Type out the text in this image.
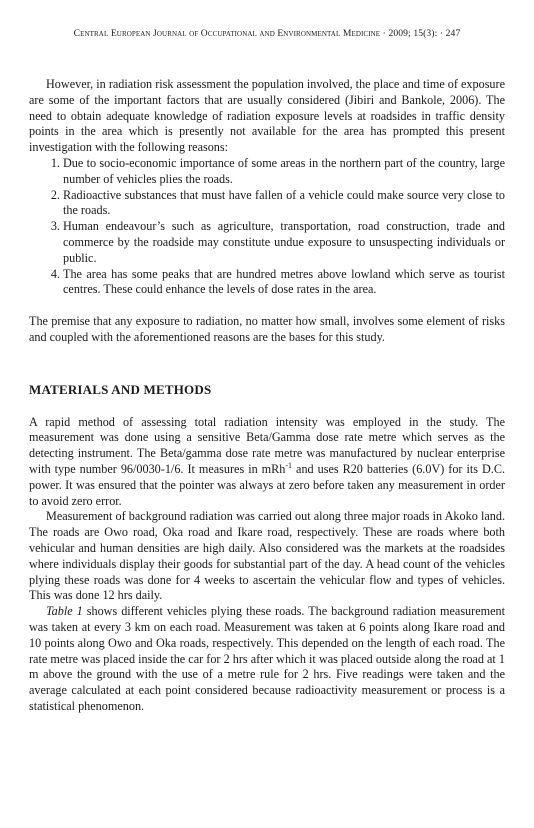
Central European Journal of Occupational and Environmental Medicine · 2009; 15(3): · 247

However, in radiation risk assessment the population involved, the place and time of exposure are some of the important factors that are usually considered (Jibiri and Bankole, 2006). The need to obtain adequate knowledge of radiation exposure levels at roadsides in traffic density points in the area which is presently not available for the area has prompted this present investigation with the following reasons:

1. Due to socio-economic importance of some areas in the northern part of the country, large number of vehicles plies the roads.
2. Radioactive substances that must have fallen of a vehicle could make source very close to the roads.
3. Human endeavour’s such as agriculture, transportation, road construction, trade and commerce by the roadside may constitute undue exposure to unsuspecting individuals or public.
4. The area has some peaks that are hundred metres above lowland which serve as tourist centres. These could enhance the levels of dose rates in the area.

The premise that any exposure to radiation, no matter how small, involves some element of risks and coupled with the aforementioned reasons are the bases for this study.

MATERIALS AND METHODS

A rapid method of assessing total radiation intensity was employed in the study. The measurement was done using a sensitive Beta/Gamma dose rate metre which serves as the detecting instrument. The Beta/gamma dose rate metre was manufactured by nuclear enterprise with type number 96/0030-1/6. It measures in mRh$^{-1}$ and uses R20 batteries (6.0V) for its D.C. power. It was ensured that the pointer was always at zero before taken any measurement in order to avoid zero error.

Measurement of background radiation was carried out along three major roads in Akoko land. The roads are Owo road, Oka road and Ikare road, respectively. These are roads where both vehicular and human densities are high daily. Also considered was the markets at the roadsides where individuals display their goods for substantial part of the day. A head count of the vehicles plying these roads was done for 4 weeks to ascertain the vehicular flow and types of vehicles. This was done 12 hrs daily.

Table 1 shows different vehicles plying these roads. The background radiation measurement was taken at every 3 km on each road. Measurement was taken at 6 points along Ikare road and 10 points along Owo and Oka roads, respectively. This depended on the length of each road. The rate metre was placed inside the car for 2 hrs after which it was placed outside along the road at 1 m above the ground with the use of a metre rule for 2 hrs. Five readings were taken and the average calculated at each point considered because radioactivity measurement or process is a statistical phenomenon.
